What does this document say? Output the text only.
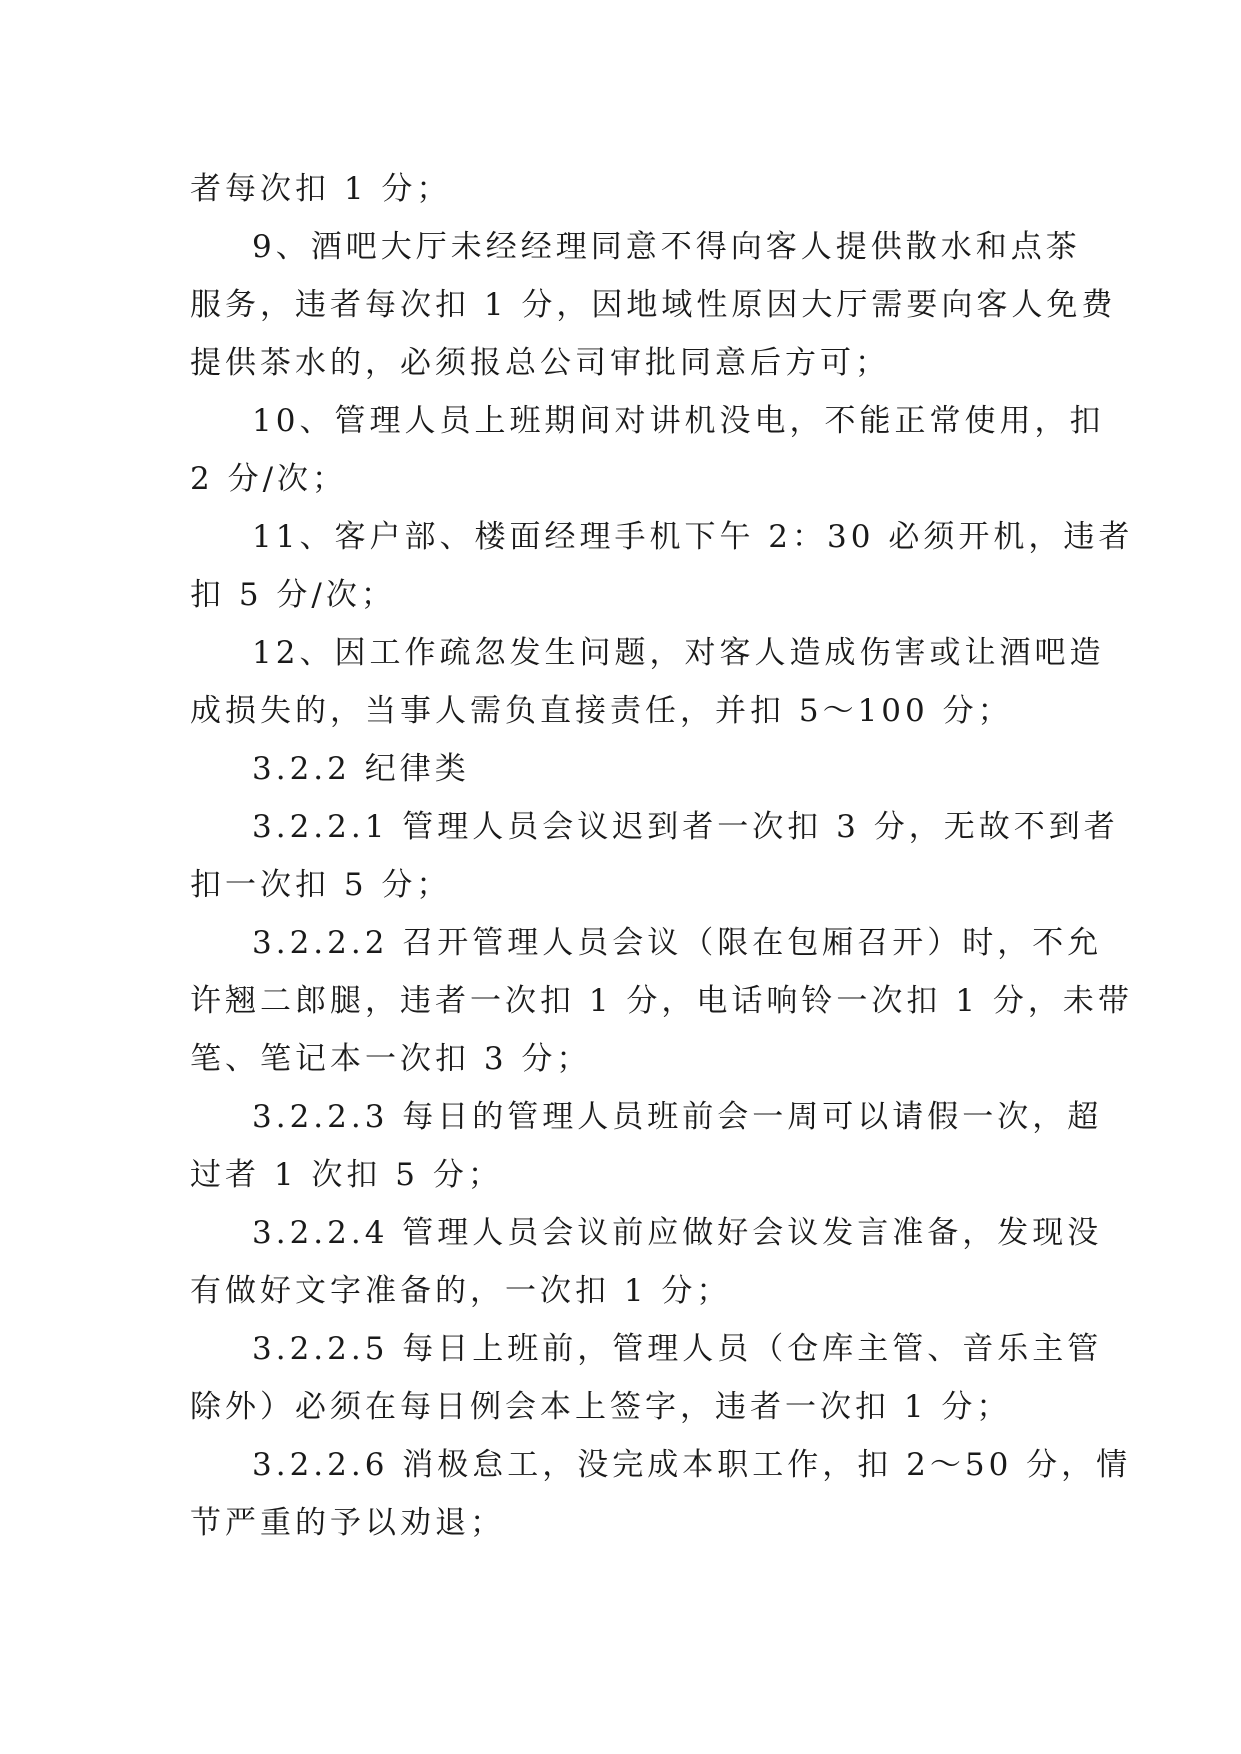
者每次扣 1 分；
9、酒吧大厅未经经理同意不得向客人提供散水和点茶
服务，违者每次扣 1 分，因地域性原因大厅需要向客人免费
提供茶水的，必须报总公司审批同意后方可；
10、管理人员上班期间对讲机没电，不能正常使用，扣
2 分/次；
11、客户部、楼面经理手机下午 2：30 必须开机，违者
扣 5 分/次；
12、因工作疏忽发生问题，对客人造成伤害或让酒吧造
成损失的，当事人需负直接责任，并扣 5～100 分；
3.2.2 纪律类
3.2.2.1 管理人员会议迟到者一次扣 3 分，无故不到者
扣一次扣 5 分；
3.2.2.2 召开管理人员会议（限在包厢召开）时，不允
许翘二郎腿，违者一次扣 1 分，电话响铃一次扣 1 分，未带
笔、笔记本一次扣 3 分；
3.2.2.3 每日的管理人员班前会一周可以请假一次，超
过者 1 次扣 5 分；
3.2.2.4 管理人员会议前应做好会议发言准备，发现没
有做好文字准备的，一次扣 1 分；
3.2.2.5 每日上班前，管理人员（仓库主管、音乐主管
除外）必须在每日例会本上签字，违者一次扣 1 分；
3.2.2.6 消极怠工，没完成本职工作，扣 2～50 分，情
节严重的予以劝退；
